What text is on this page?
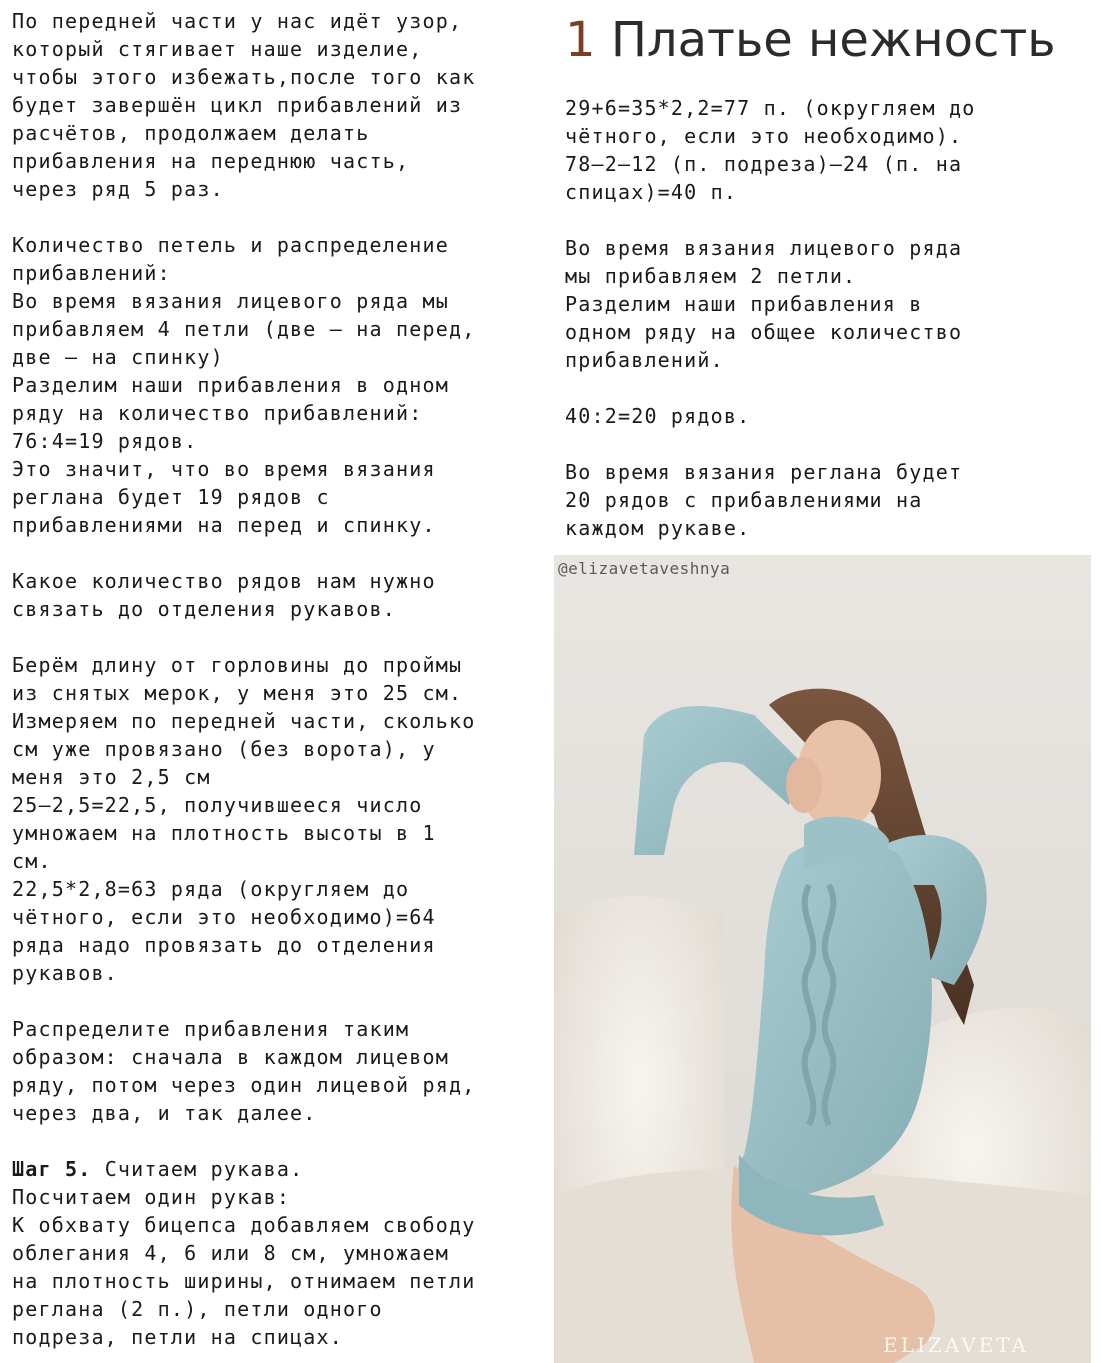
1 Платье нежность

По передней части у нас идёт узор,
который стягивает наше изделие,
чтобы этого избежать,после того как
будет завершён цикл прибавлений из
расчётов, продолжаем делать
прибавления на переднюю часть,
через ряд 5 раз.

Количество петель и распределение
прибавлений:
Во время вязания лицевого ряда мы
прибавляем 4 петли (две – на перед,
две – на спинку)
Разделим наши прибавления в одном
ряду на количество прибавлений:
76:4=19 рядов.
Это значит, что во время вязания
реглана будет 19 рядов с
прибавлениями на перед и спинку.

Какое количество рядов нам нужно
связать до отделения рукавов.

Берём длину от горловины до проймы
из снятых мерок, у меня это 25 см.
Измеряем по передней части, сколько
см уже провязано (без ворота), у
меня это 2,5 см
25–2,5=22,5, получившееся число
умножаем на плотность высоты в 1
см.
22,5*2,8=63 ряда (округляем до
чётного, если это необходимо)=64
ряда надо провязать до отделения
рукавов.

Распределите прибавления таким
образом: сначала в каждом лицевом
ряду, потом через один лицевой ряд,
через два, и так далее.

Шаг 5. Считаем рукава.

Посчитаем один рукав:
К обхвату бицепса добавляем свободу
облегания 4, 6 или 8 см, умножаем
на плотность ширины, отнимаем петли
реглана (2 п.), петли одного
подреза, петли на спицах.

29+6=35*2,2=77 п. (округляем до
чётного, если это необходимо).
78–2–12 (п. подреза)–24 (п. на
спицах)=40 п.

Во время вязания лицевого ряда
мы прибавляем 2 петли.
Разделим наши прибавления в
одном ряду на общее количество
прибавлений.

40:2=20 рядов.

Во время вязания реглана будет
20 рядов с прибавлениями на
каждом рукаве.

@elizavetaveshnya
ELIZAVETA
